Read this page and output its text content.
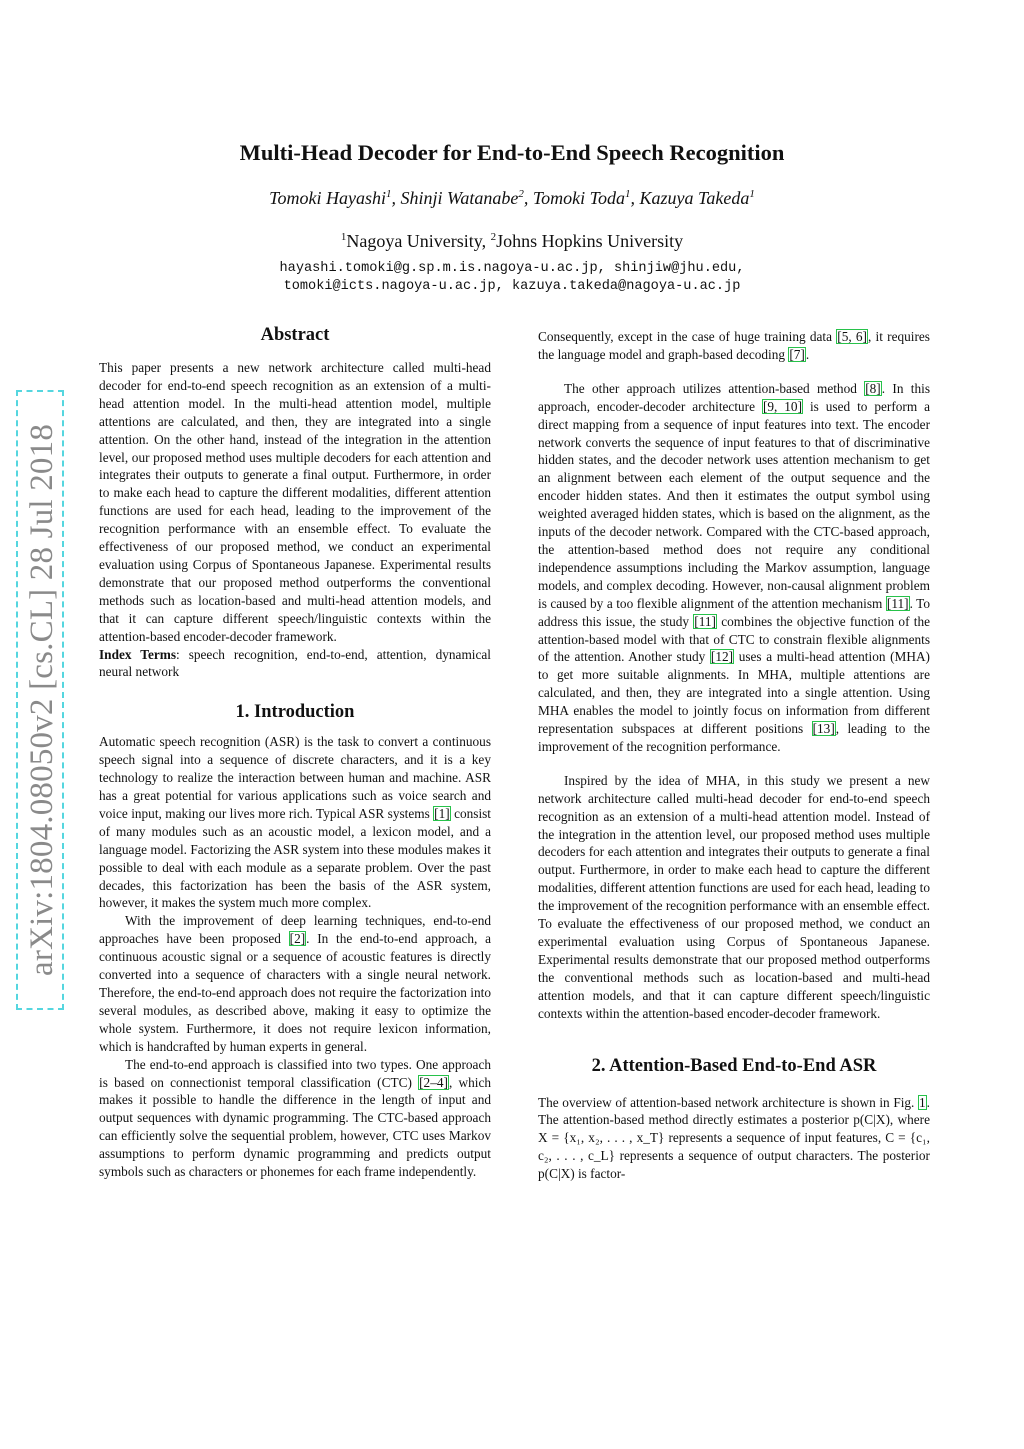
arXiv:1804.08050v2 [cs.CL] 28 Jul 2018
Multi-Head Decoder for End-to-End Speech Recognition
Tomoki Hayashi$^1$, Shinji Watanabe$^2$, Tomoki Toda$^1$, Kazuya Takeda$^1$
$^1$Nagoya University, $^2$Johns Hopkins University
hayashi.tomoki@g.sp.m.is.nagoya-u.ac.jp, shinjiw@jhu.edu,
tomoki@icts.nagoya-u.ac.jp, kazuya.takeda@nagoya-u.ac.jp
Abstract

This paper presents a new network architecture called multi-head decoder for end-to-end speech recognition as an extension of a multi-head attention model. In the multi-head attention model, multiple attentions are calculated, and then, they are integrated into a single attention. On the other hand, instead of the integration in the attention level, our proposed method uses multiple decoders for each attention and integrates their outputs to generate a final output. Furthermore, in order to make each head to capture the different modalities, different attention functions are used for each head, leading to the improvement of the recognition performance with an ensemble effect. To evaluate the effectiveness of our proposed method, we conduct an experimental evaluation using Corpus of Spontaneous Japanese. Experimental results demonstrate that our proposed method outperforms the conventional methods such as location-based and multi-head attention models, and that it can capture different speech/linguistic contexts within the attention-based encoder-decoder framework.

Index Terms: speech recognition, end-to-end, attention, dynamical neural network

1. Introduction

Automatic speech recognition (ASR) is the task to convert a continuous speech signal into a sequence of discrete characters, and it is a key technology to realize the interaction between human and machine. ASR has a great potential for various applications such as voice search and voice input, making our lives more rich. Typical ASR systems [1] consist of many modules such as an acoustic model, a lexicon model, and a language model. Factorizing the ASR system into these modules makes it possible to deal with each module as a separate problem. Over the past decades, this factorization has been the basis of the ASR system, however, it makes the system much more complex.

With the improvement of deep learning techniques, end-to-end approaches have been proposed [2]. In the end-to-end approach, a continuous acoustic signal or a sequence of acoustic features is directly converted into a sequence of characters with a single neural network. Therefore, the end-to-end approach does not require the factorization into several modules, as described above, making it easy to optimize the whole system. Furthermore, it does not require lexicon information, which is handcrafted by human experts in general.

The end-to-end approach is classified into two types. One approach is based on connectionist temporal classification (CTC) [2–4], which makes it possible to handle the difference in the length of input and output sequences with dynamic programming. The CTC-based approach can efficiently solve the sequential problem, however, CTC uses Markov assumptions to perform dynamic programming and predicts output symbols such as characters or phonemes for each frame independently.

Consequently, except in the case of huge training data [5, 6], it requires the language model and graph-based decoding [7].

The other approach utilizes attention-based method [8]. In this approach, encoder-decoder architecture [9, 10] is used to perform a direct mapping from a sequence of input features into text. The encoder network converts the sequence of input features to that of discriminative hidden states, and the decoder network uses attention mechanism to get an alignment between each element of the output sequence and the encoder hidden states. And then it estimates the output symbol using weighted averaged hidden states, which is based on the alignment, as the inputs of the decoder network. Compared with the CTC-based approach, the attention-based method does not require any conditional independence assumptions including the Markov assumption, language models, and complex decoding. However, non-causal alignment problem is caused by a too flexible alignment of the attention mechanism [11]. To address this issue, the study [11] combines the objective function of the attention-based model with that of CTC to constrain flexible alignments of the attention. Another study [12] uses a multi-head attention (MHA) to get more suitable alignments. In MHA, multiple attentions are calculated, and then, they are integrated into a single attention. Using MHA enables the model to jointly focus on information from different representation subspaces at different positions [13], leading to the improvement of the recognition performance.

Inspired by the idea of MHA, in this study we present a new network architecture called multi-head decoder for end-to-end speech recognition as an extension of a multi-head attention model. Instead of the integration in the attention level, our proposed method uses multiple decoders for each attention and integrates their outputs to generate a final output. Furthermore, in order to make each head to capture the different modalities, different attention functions are used for each head, leading to the improvement of the recognition performance with an ensemble effect. To evaluate the effectiveness of our proposed method, we conduct an experimental evaluation using Corpus of Spontaneous Japanese. Experimental results demonstrate that our proposed method outperforms the conventional methods such as location-based and multi-head attention models, and that it can capture different speech/linguistic contexts within the attention-based encoder-decoder framework.

2. Attention-Based End-to-End ASR

The overview of attention-based network architecture is shown in Fig. 1. The attention-based method directly estimates a posterior p(C|X), where X = {x₁, x₂, . . . , x_T} represents a sequence of input features, C = {c₁, c₂, . . . , c_L} represents a sequence of output characters. The posterior p(C|X) is factor-
